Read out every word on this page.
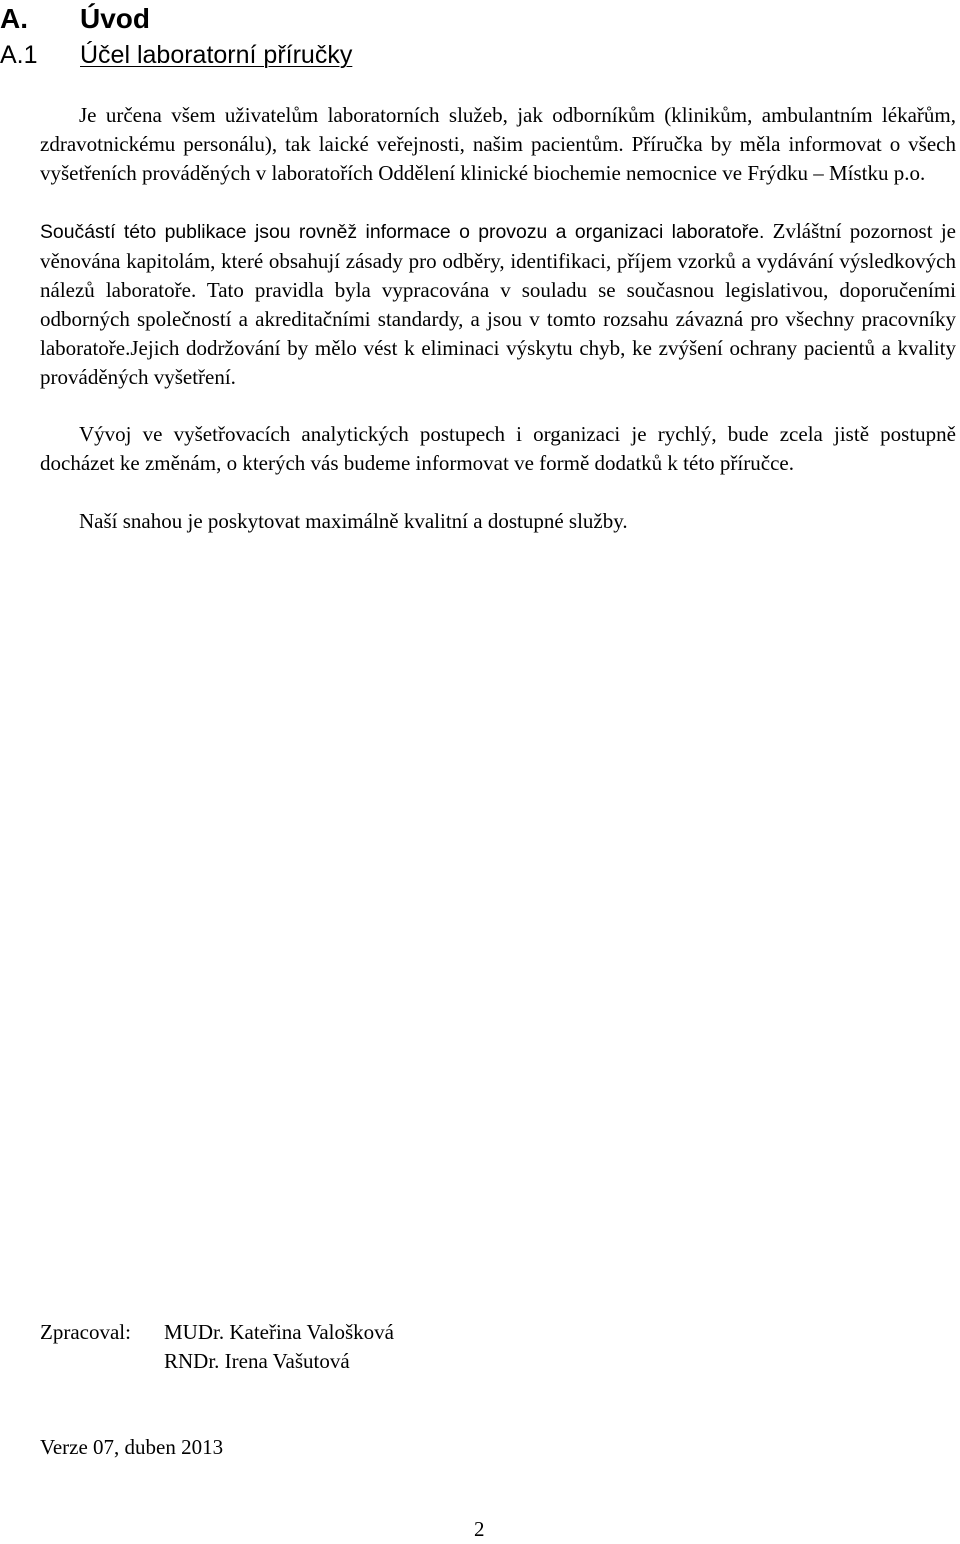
A. Úvod
A.1 Účel laboratorní příručky
Je určena všem uživatelům laboratorních služeb, jak odborníkům (klinikům, ambulantním lékařům, zdravotnickému personálu), tak laické veřejnosti, našim pacientům. Příručka by měla informovat o všech vyšetřeních prováděných v laboratořích Oddělení klinické biochemie nemocnice ve Frýdku – Místku p.o.
Součástí této publikace jsou rovněž informace o provozu a organizaci laboratoře. Zvláštní pozornost je věnována kapitolám, které obsahují zásady pro odběry, identifikaci, příjem vzorků a vydávání výsledkových nálezů laboratoře. Tato pravidla byla vypracována v souladu se současnou legislativou, doporučeními odborných společností a akreditačními standardy, a jsou v tomto rozsahu závazná pro všechny pracovníky laboratoře.Jejich dodržování by mělo vést k eliminaci výskytu chyb, ke zvýšení ochrany pacientů a kvality prováděných vyšetření.
Vývoj ve vyšetřovacích analytických postupech i organizaci je rychlý, bude zcela jistě postupně docházet ke změnám, o kterých vás budeme informovat ve formě dodatků k této příručce.
Naší snahou je poskytovat maximálně kvalitní a dostupné služby.
Zpracoval: MUDr. Kateřina Valošková
RNDr. Irena Vašutová
Verze 07, duben 2013
2
